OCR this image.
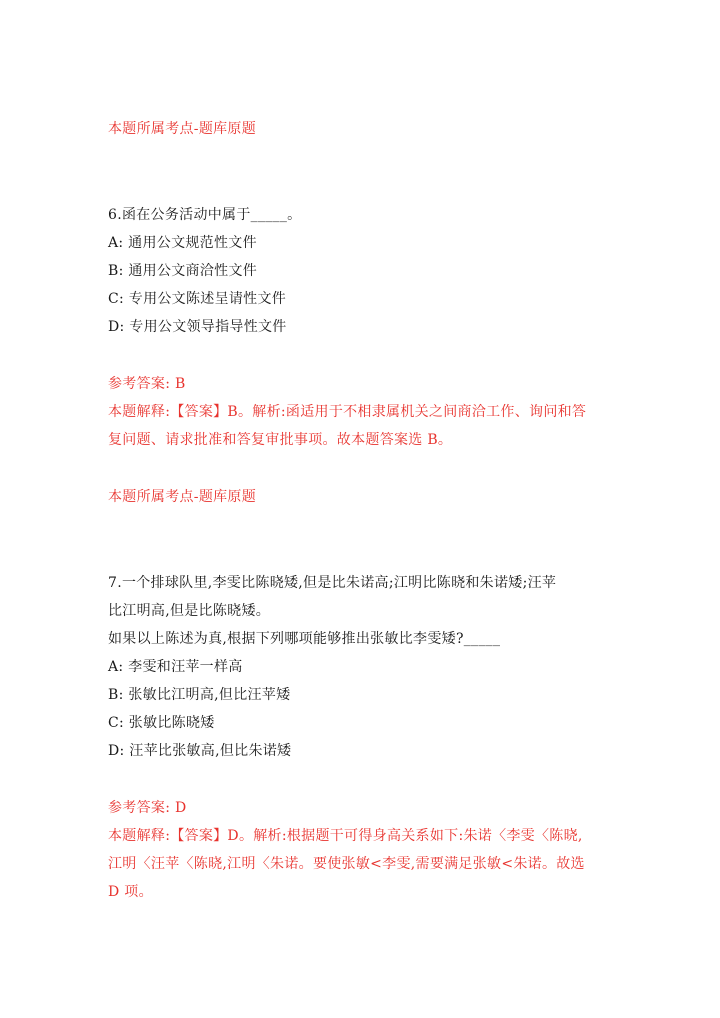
本题所属考点-题库原题
6.函在公务活动中属于_____。
A: 通用公文规范性文件
B: 通用公文商洽性文件
C: 专用公文陈述呈请性文件
D: 专用公文领导指导性文件
参考答案: B
本题解释:【答案】B。解析:函适用于不相隶属机关之间商洽工作、询问和答
复问题、请求批准和答复审批事项。故本题答案选 B。
本题所属考点-题库原题
7.一个排球队里,李雯比陈晓矮,但是比朱诺高;江明比陈晓和朱诺矮;汪苹
比江明高,但是比陈晓矮。
如果以上陈述为真,根据下列哪项能够推出张敏比李雯矮?_____
A: 李雯和汪苹一样高
B: 张敏比江明高,但比汪苹矮
C: 张敏比陈晓矮
D: 汪苹比张敏高,但比朱诺矮
参考答案: D
本题解释:【答案】D。解析:根据题干可得身高关系如下:朱诺〈李雯〈陈晓,
江明〈汪苹〈陈晓,江明〈朱诺。要使张敏<李雯,需要满足张敏<朱诺。故选
D 项。
